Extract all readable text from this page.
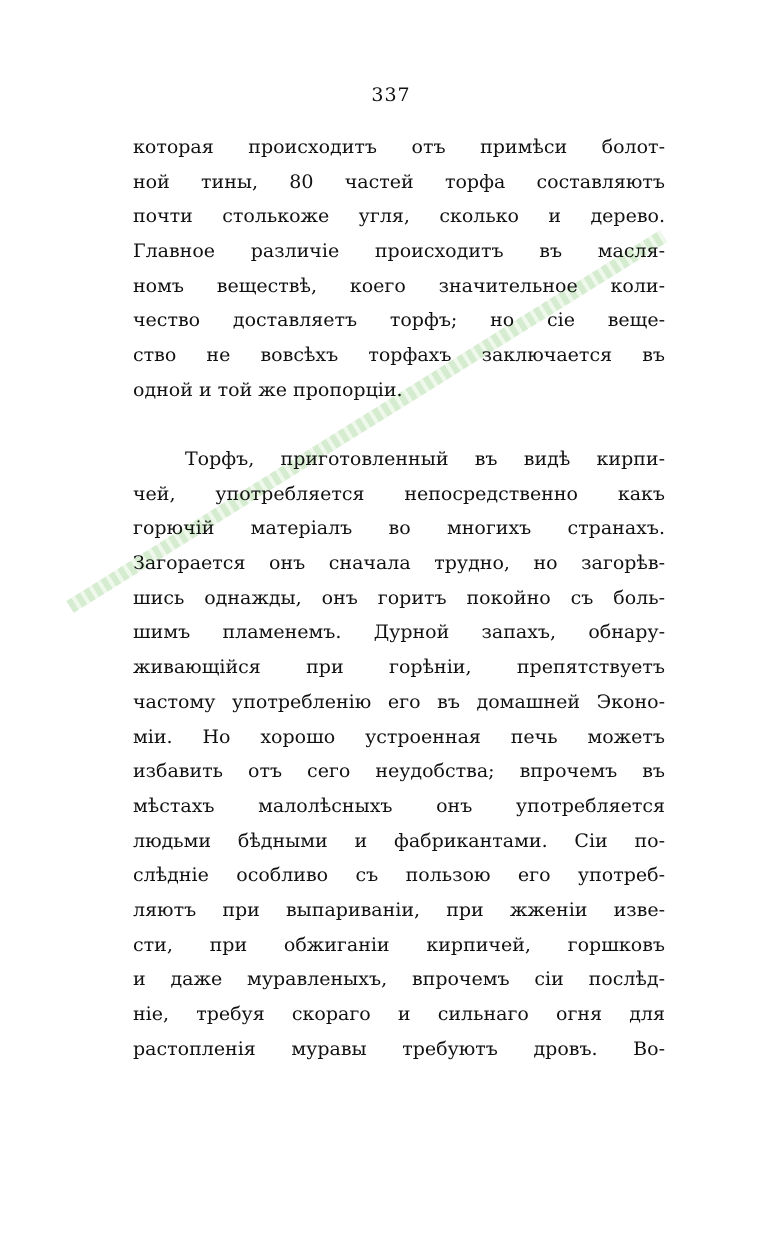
337
которая происходитъ отъ примѣси болот-
ной тины, 80 частей торфа составляютъ
почти столькоже угля, сколько и дерево.
Главное различіе происходитъ въ масля-
номъ веществѣ, коего значительное коли-
чество доставляетъ торфъ; но сіе веще-
ство не вовсѣхъ торфахъ заключается въ
одной и той же пропорціи.
Торфъ, приготовленный въ видѣ кирпи-
чей, употребляется непосредственно какъ
горючій матеріалъ во многихъ странахъ.
Загорается онъ сначала трудно, но загорѣв-
шись однажды, онъ горитъ покойно съ боль-
шимъ пламенемъ. Дурной запахъ, обнару-
живающійся при горѣніи, препятствуетъ
частому употребленію его въ домашней Эконо-
міи. Но хорошо устроенная печь можетъ
избавить отъ сего неудобства; впрочемъ въ
мѣстахъ малолѣсныхъ онъ употребляется
людьми бѣдными и фабрикантами. Сіи по-
слѣдніе особливо съ пользою его употреб-
ляютъ при выпариваніи, при жженіи изве-
сти, при обжиганіи кирпичей, горшковъ
и даже муравленыхъ, впрочемъ сіи послѣд-
ніе, требуя скораго и сильнаго огня для
растопленія муравы требуютъ дровъ. Во-
